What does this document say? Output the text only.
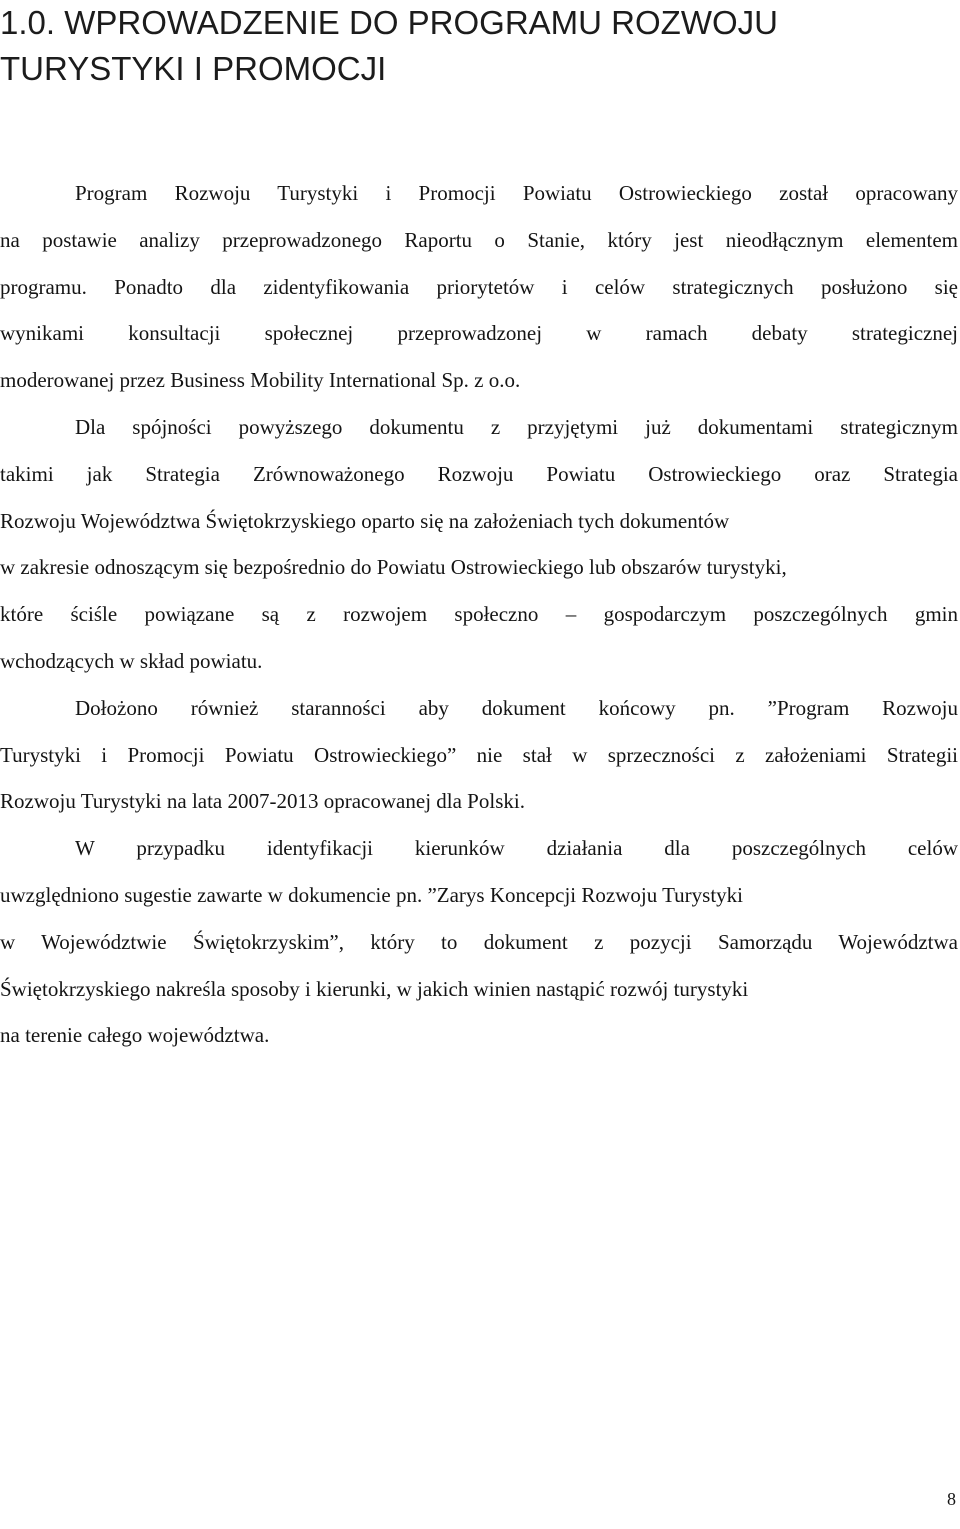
1.0. WPROWADZENIE DO PROGRAMU ROZWOJU
TURYSTYKI I PROMOCJI

Program Rozwoju Turystyki i Promocji Powiatu Ostrowieckiego został opracowany
na postawie analizy przeprowadzonego Raportu o Stanie, który jest nieodłącznym elementem
programu. Ponadto dla zidentyfikowania priorytetów i celów strategicznych posłużono się
wynikami konsultacji społecznej przeprowadzonej w ramach debaty strategicznej
moderowanej przez Business Mobility International Sp. z o.o.

Dla spójności powyższego dokumentu z przyjętymi już dokumentami strategicznym
takimi jak Strategia Zrównoważonego Rozwoju Powiatu Ostrowieckiego oraz Strategia
Rozwoju Województwa Świętokrzyskiego oparto się na założeniach tych dokumentów
w zakresie odnoszącym się bezpośrednio do Powiatu Ostrowieckiego lub obszarów turystyki,
które ściśle powiązane są z rozwojem społeczno – gospodarczym poszczególnych gmin
wchodzących w skład powiatu.

Dołożono również staranności aby dokument końcowy pn. ”Program Rozwoju
Turystyki i Promocji Powiatu Ostrowieckiego” nie stał w sprzeczności z założeniami Strategii
Rozwoju Turystyki na lata 2007-2013 opracowanej dla Polski.

W przypadku identyfikacji kierunków działania dla poszczególnych celów
uwzględniono sugestie zawarte w dokumencie pn. ”Zarys Koncepcji Rozwoju Turystyki
w Województwie Świętokrzyskim”, który to dokument z pozycji Samorządu Województwa
Świętokrzyskiego nakreśla sposoby i kierunki, w jakich winien nastąpić rozwój turystyki
na terenie całego województwa.

8
